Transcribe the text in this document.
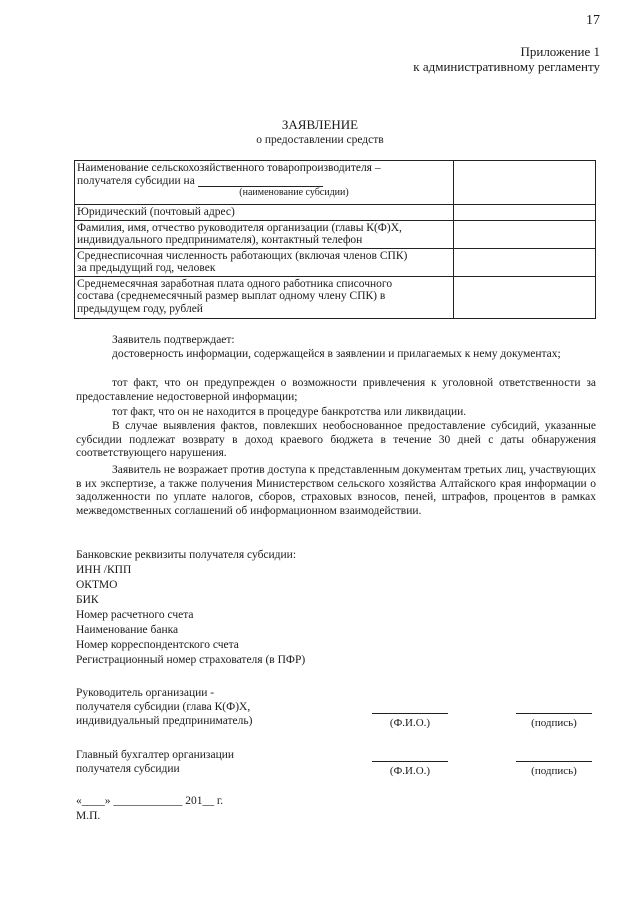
17
Приложение 1
к административному регламенту
ЗАЯВЛЕНИЕ
о предоставлении средств
Наименование сельскохозяйственного товаропроизводителя –
получателя субсидии на
(наименование субсидии)	

Юридический (почтовый адрес)	

Фамилия, имя, отчество руководителя организации (главы К(Ф)Х,
индивидуального предпринимателя), контактный телефон	

Среднесписочная численность работающих (включая членов СПК)
за предыдущий год, человек	

Среднемесячная заработная плата одного работника списочного
состава (среднемесячный размер выплат одному члену СПК) в
предыдущем году, рублей	

Заявитель подтверждает:
достоверность информации, содержащейся в заявлении и прилагаемых к нему документах;
тот факт, что он предупрежден о возможности привлечения к уголовной ответственности за предоставление недостоверной информации;
тот факт, что он не находится в процедуре банкротства или ликвидации.
В случае выявления фактов, повлекших необоснованное предоставление субсидий, указанные субсидии подлежат возврату в доход краевого бюджета в течение 30 дней с даты обнаружения соответствующего нарушения.
Заявитель не возражает против доступа к представленным документам третьих лиц, участвующих в их экспертизе, а также получения Министерством сельского хозяйства Алтайского края информации о задолженности по уплате налогов, сборов, страховых взносов, пеней, штрафов, процентов в рамках межведомственных соглашений об информационном взаимодействии.
Банковские реквизиты получателя субсидии:
ИНН /КПП
ОКТМО
БИК
Номер расчетного счета
Наименование банка
Номер корреспондентского счета
Регистрационный номер страхователя (в ПФР)
Руководитель организации -
получателя субсидии (глава К(Ф)Х,
индивидуальный предприниматель)	(Ф.И.О.)	(подпись)
Главный бухгалтер организации
получателя субсидии	(Ф.И.О.)	(подпись)
«____» ____________ 201__ г.
М.П.
